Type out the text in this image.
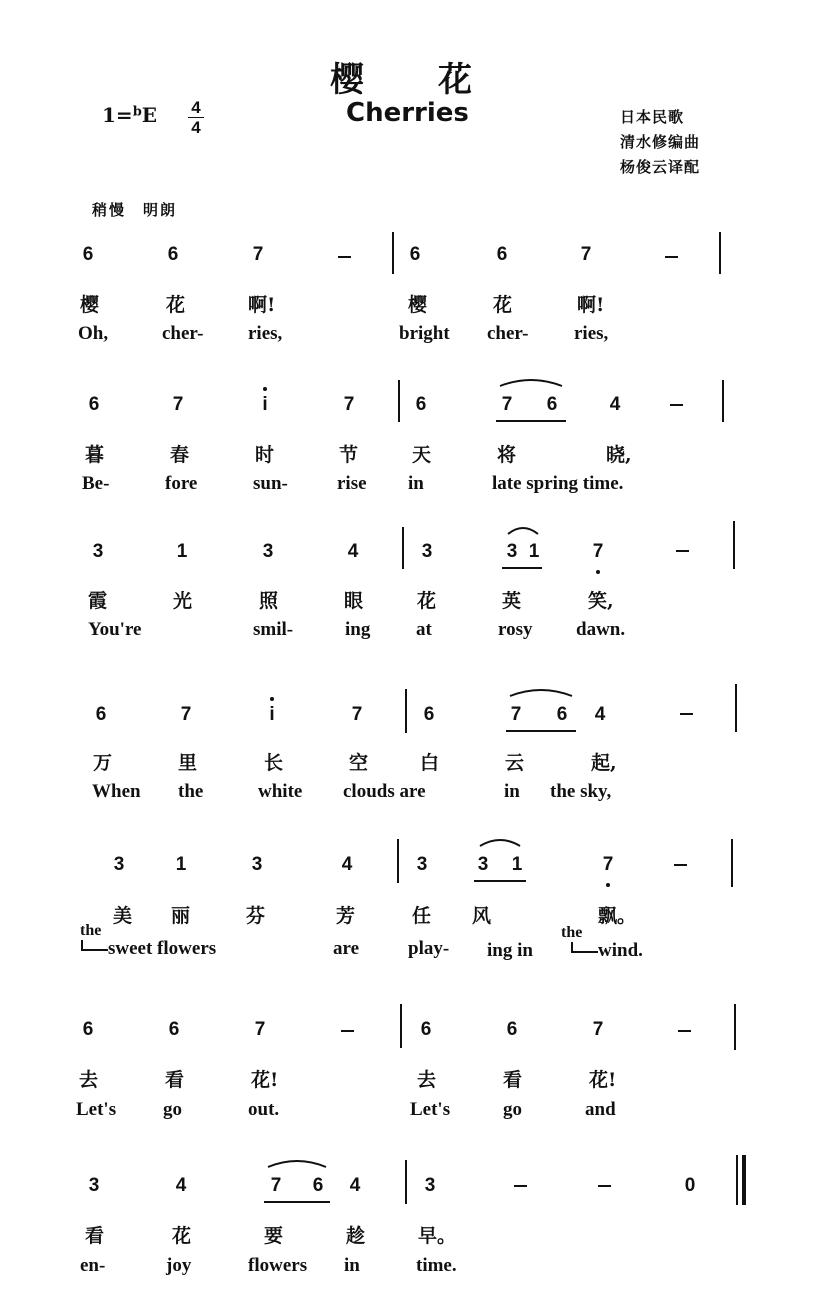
樱　　花
Cherries
1=$^b$E	4
4
日本民歌
清水修编曲
杨俊云译配
稍慢　明朗
6	6	7	6	6	7
樱	花	啊!	樱	花	啊!
Oh,	cher- ries,	bright cher- ries,
6	7	i	7	6	7	6	4
暮	春	时	节	天	将	晓,
Be-	fore	sun-	rise in	late spring time.
3	1	3	4	3	3 1	7
霞	光	照	眼	花	英	笑,
You're	smil-	ing at	rosy dawn.
6	7	i	7	6	7	6	4
万	里	长	空	白	云	起,
When the	white clouds are	in the sky,
3	1	3	4	3	3	1	7
美 丽	芬	芳	任 风	飘。
the
sweet flowers	are	play- ing in
the
wind.
6	6	7	6	6	7
去	看	花!	去	看	花!
Let's go	out.	Let's	go	and
3	4	7	6	4	3	0
看	花	要	趁	早。
en-	joy	flowers in	time.
